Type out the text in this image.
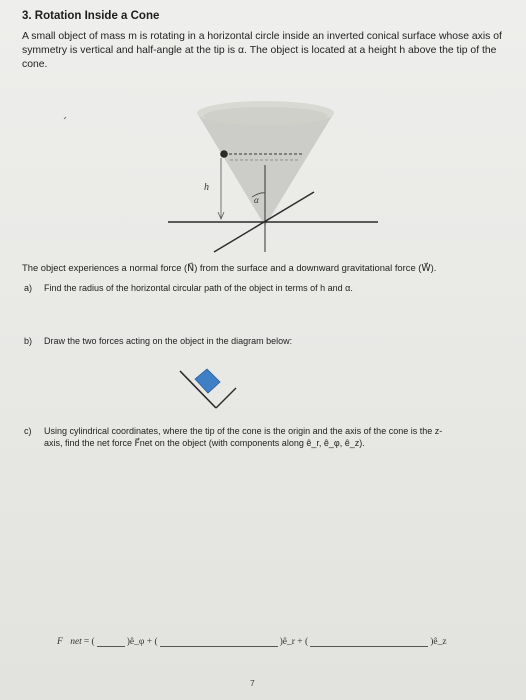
3. Rotation Inside a Cone
A small object of mass m is rotating in a horizontal circle inside an inverted conical surface whose axis of symmetry is vertical and half-angle at the tip is α. The object is located at a height h above the tip of the cone.
h
α
The object experiences a normal force (N⃗) from the surface and a downward gravitational force (W⃗).
a) Find the radius of the horizontal circular path of the object in terms of h and α.
b) Draw the two forces acting on the object in the diagram below:
c) Using cylindrical coordinates, where the tip of the cone is the origin and the axis of the cone is the z-
axis, find the net force F⃗net on the object (with components along ê_r, ê_φ, ê_z).
F⃗net = (	)ê_φ + (	)ê_r + (	)ê_z
7
